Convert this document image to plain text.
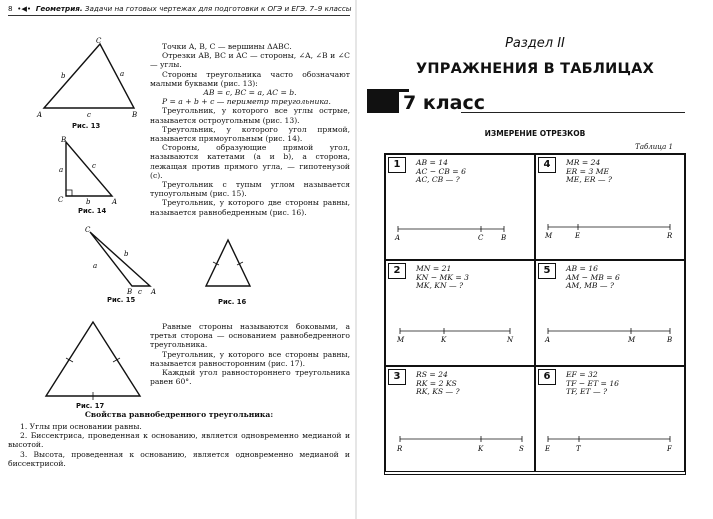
8  •◀•  Геометрия. Задачи на готовых чертежах для подготовки к ОГЭ и ЕГЭ. 7–9 классы
C
A	B
b	a
c
Рис. 13
B
C	A
a	c
b
Рис. 14
C
B	A
a
b
c
Рис. 15	Рис. 16
Рис. 17

Точки A, B, C — вершины ΔABC.

Отрезки AB, BC и AC — стороны, ∠A, ∠B и ∠C — углы.

Стороны треугольника часто обозначают малыми буквами (рис. 13):

AB = c, BC = a, AC = b.

P = a + b + c — периметр треугольника.

Треугольник, у которого все углы острые, называется остроугольным (рис. 13).

Треугольник, у которого угол прямой, называется прямоугольным (рис. 14).

Стороны, образующие прямой угол, называются катетами (a и b), а сторона, лежащая против прямого угла, — гипотенузой (c).

Треугольник с тупым углом называется тупоугольным (рис. 15).

Треугольник, у которого две стороны равны, называется равнобедренным (рис. 16).

Равные стороны называются боковыми, а третья сторона — основанием равнобедренного треугольника.

Треугольник, у которого все стороны равны, называется равносторонним (рис. 17).

Каждый угол равностороннего треугольника равен 60°.

Свойства равнобедренного треугольника:

1. Углы при основании равны.

2. Биссектриса, проведенная к основанию, является одновременно медианой и высотой.

3. Высота, проведенная к основанию, является одновременно медианой и биссектрисой.

Раздел II
УПРАЖНЕНИЯ В ТАБЛИЦАХ
7 класс
ИЗМЕРЕНИЕ ОТРЕЗКОВ
Таблица 1
1	AB = 14
AC − CB = 6
AC, CB — ?
A	C	B
4	MR = 24
ER = 3 ME
ME, ER — ?
M	E	R
2	MN = 21
KN − MK = 3
MK, KN — ?
M	K	N
5	AB = 16
AM − MB = 6
AM, MB — ?
A	M	B
3	RS = 24
RK = 2 KS
RK, KS — ?
R	K	S
6	EF = 32
TF − ET = 16
TF, ET — ?
E	T	F
